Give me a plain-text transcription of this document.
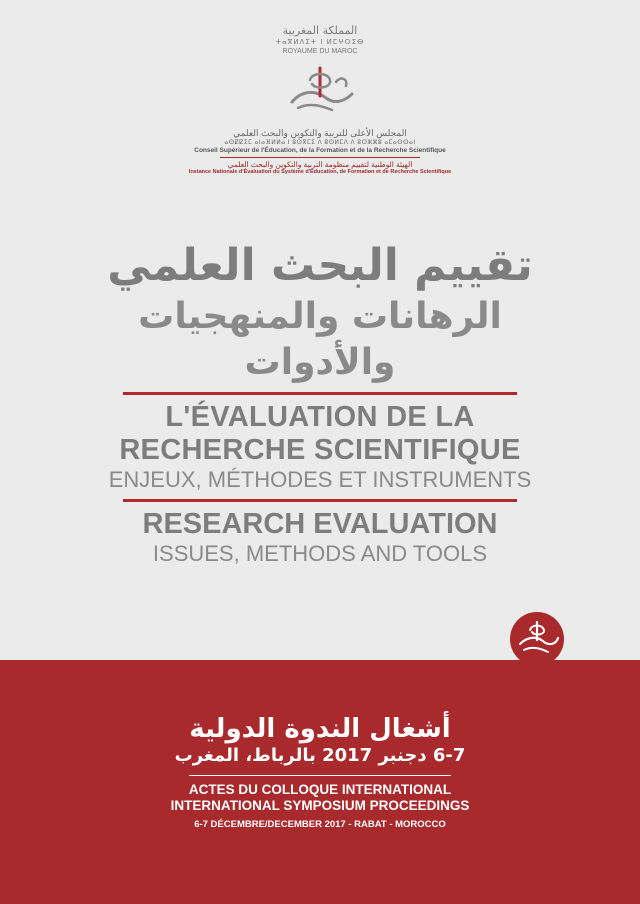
المملكة المغربية
ⵜⴰⴳⵍⴷⵉⵜ ⵏ ⵍⵎⵖⵔⵉⴱ
ROYAUME DU MAROC
المجلس الأعلى للتربية والتكوين والبحث العلمي
ⴰⵙⵇⵇⵉⵎ ⴰⵏⴰⴼⵍⵍⴰ ⵏ ⵓⵙⴳⵎⵉ ⴷ ⵓⵙⵍⵎⴷ ⴷ ⵓⵔⵣⵣⵓ ⴰⵎⴰⵙⵙⴰⵏ
Conseil Supérieur de l'Éducation, de la Formation et de la Recherche Scientifique
الهيئة الوطنية لتقييم منظومة التربية والتكوين والبحث العلمي
Instance Nationale d'Évaluation du Système d'Éducation, de Formation et de Recherche Scientifique
تقييم البحث العلمي
الرهانات والمنهجيات والأدوات
L'ÉVALUATION DE LA
RECHERCHE SCIENTIFIQUE
ENJEUX, MÉTHODES ET INSTRUMENTS
RESEARCH EVALUATION
ISSUES, METHODS AND TOOLS
أشغال الندوة الدولية
6-7 دجنبر 2017 بالرباط، المغرب
ACTES DU COLLOQUE INTERNATIONAL
INTERNATIONAL SYMPOSIUM PROCEEDINGS
6-7 DÉCEMBRE/DECEMBER 2017 - RABAT - MOROCCO
